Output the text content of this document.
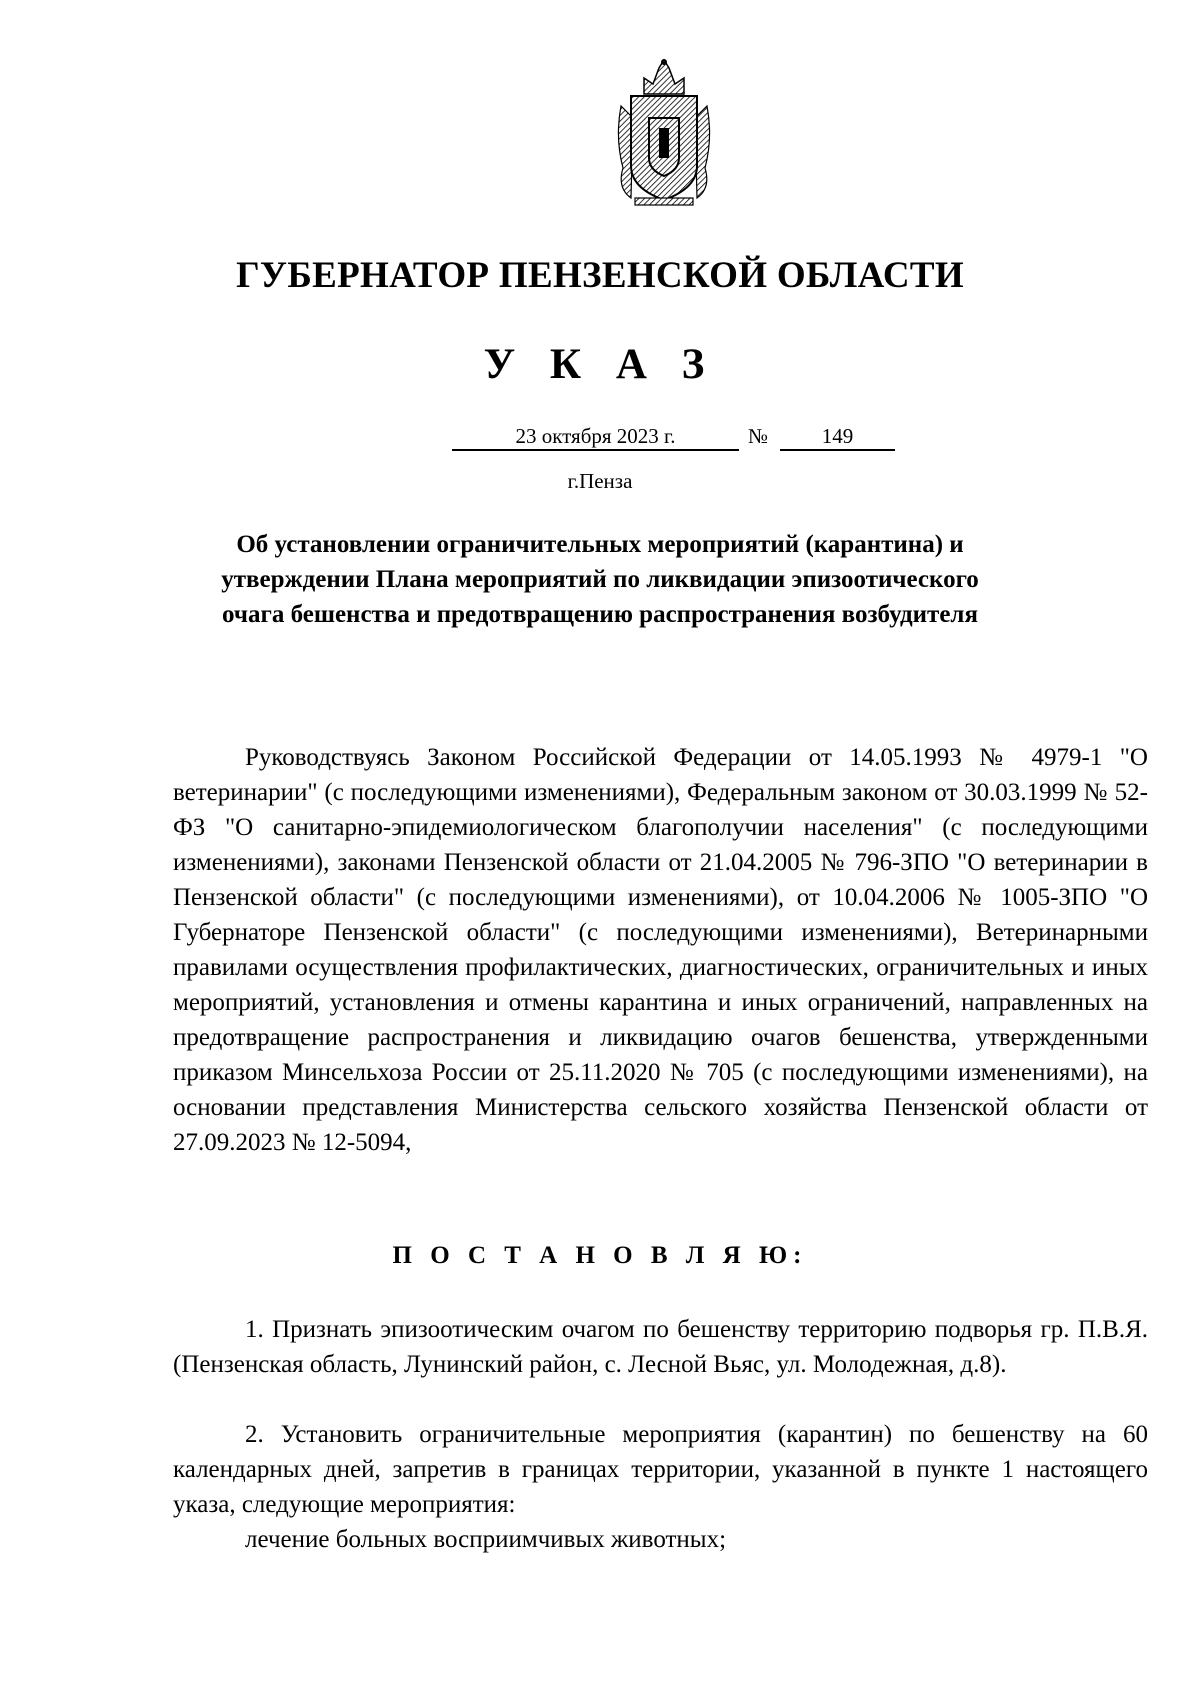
ГУБЕРНАТОР ПЕНЗЕНСКОЙ ОБЛАСТИ
У К А З
23 октября 2023 г.	№	149
г.Пенза
Об установлении ограничительных мероприятий (карантина) и утверждении Плана мероприятий по ликвидации эпизоотического очага бешенства и предотвращению распространения возбудителя

Руководствуясь Законом Российской Федерации от 14.05.1993 № 4979-1 "О ветеринарии" (с последующими изменениями), Федеральным законом от 30.03.1999 № 52-ФЗ "О санитарно-эпидемиологическом благополучии населения" (с последующими изменениями), законами Пензенской области от 21.04.2005 № 796-ЗПО "О ветеринарии в Пензенской области" (с последующими изменениями), от 10.04.2006 № 1005-ЗПО "О Губернаторе Пензенской области" (с последующими изменениями), Ветеринарными правилами осуществления профилактических, диагностических, ограничительных и иных мероприятий, установления и отмены карантина и иных ограничений, направленных на предотвращение распространения и ликвидацию очагов бешенства, утвержденными приказом Минсельхоза России от 25.11.2020 № 705 (с последующими изменениями), на основании представления Министерства сельского хозяйства Пензенской области от 27.09.2023 № 12-5094,

П О С Т А Н О В Л Я Ю:

1. Признать эпизоотическим очагом по бешенству территорию подворья гр. П.В.Я. (Пензенская область, Лунинский район, с. Лесной Вьяс, ул. Молодежная, д.8).

2. Установить ограничительные мероприятия (карантин) по бешенству на 60 календарных дней, запретив в границах территории, указанной в пункте 1 настоящего указа, следующие мероприятия:

лечение больных восприимчивых животных;
